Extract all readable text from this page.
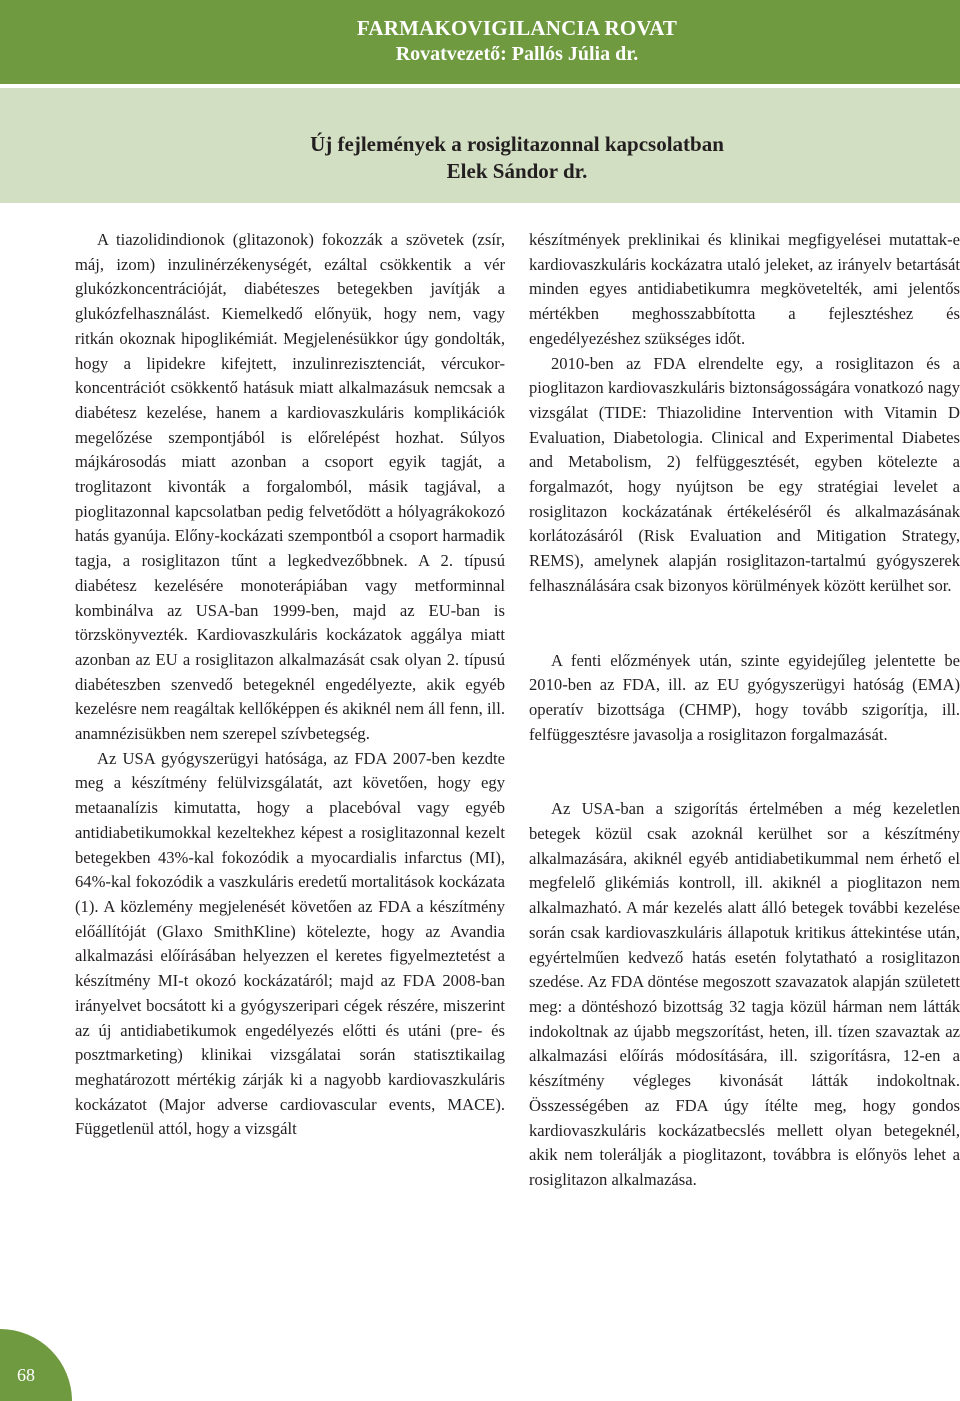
FARMAKOVIGILANCIA ROVAT
Rovatvezető: Pallós Júlia dr.
Új fejlemények a rosiglitazonnal kapcsolatban
Elek Sándor dr.

A tiazolidindionok (glitazonok) fokozzák a szövetek (zsír, máj, izom) inzulinérzékenységét, ezáltal csökkentik a vér glukózkoncentrációját, diabéteszes betegekben javítják a glukózfelhasználást. Kiemelkedő előnyük, hogy nem, vagy ritkán okoznak hipoglikémiát. Megjelenésükkor úgy gondolták, hogy a lipidekre kifejtett, inzulinrezisztenciát, vércukor-koncentrációt csökkentő hatásuk miatt alkalmazásuk nemcsak a diabétesz kezelése, hanem a kardiovaszkuláris komplikációk megelőzése szempontjából is előrelépést hozhat. Súlyos májkárosodás miatt azonban a csoport egyik tagját, a troglitazont kivonták a forgalomból, másik tagjával, a pioglitazonnal kapcsolatban pedig felvetődött a hólyagrákokozó hatás gyanúja. Előny-kockázati szempontból a csoport harmadik tagja, a rosiglitazon tűnt a legkedvezőbbnek. A 2. típusú diabétesz kezelésére monoterápiában vagy metforminnal kombinálva az USA-ban 1999-ben, majd az EU-ban is törzskönyvezték. Kardiovaszkuláris kockázatok aggálya miatt azonban az EU a rosiglitazon alkalmazását csak olyan 2. típusú diabéteszben szenvedő betegeknél engedélyezte, akik egyéb kezelésre nem reagáltak kellőképpen és akiknél nem áll fenn, ill. anamnézisükben nem szerepel szívbetegség.

Az USA gyógyszerügyi hatósága, az FDA 2007-ben kezdte meg a készítmény felülvizsgálatát, azt követően, hogy egy metaanalízis kimutatta, hogy a placebóval vagy egyéb antidiabetikumokkal kezeltekhez képest a rosiglitazonnal kezelt betegekben 43%-kal fokozódik a myocardialis infarctus (MI), 64%-kal fokozódik a vaszkuláris eredetű mortalitások kockázata (1). A közlemény megjelenését követően az FDA a készítmény előállítóját (Glaxo SmithKline) kötelezte, hogy az Avandia alkalmazási előírásában helyezzen el keretes figyelmeztetést a készítmény MI-t okozó kockázatáról; majd az FDA 2008-ban irányelvet bocsátott ki a gyógyszeripari cégek részére, miszerint az új antidiabetikumok engedélyezés előtti és utáni (pre- és posztmarketing) klinikai vizsgálatai során statisztikailag meghatározott mértékig zárják ki a nagyobb kardiovaszkuláris kockázatot (Major adverse cardiovascular events, MACE). Függetlenül attól, hogy a vizsgált

készítmények preklinikai és klinikai megfigyelései mutattak-e kardiovaszkuláris kockázatra utaló jeleket, az irányelv betartását minden egyes antidiabetikumra megkövetelték, ami jelentős mértékben meghosszabbította a fejlesztéshez és engedélyezéshez szükséges időt.

2010-ben az FDA elrendelte egy, a rosiglitazon és a pioglitazon kardiovaszkuláris biztonságosságára vonatkozó nagy vizsgálat (TIDE: Thiazolidine Intervention with Vitamin D Evaluation, Diabetologia. Clinical and Experimental Diabetes and Metabolism, 2) felfüggesztését, egyben kötelezte a forgalmazót, hogy nyújtson be egy stratégiai levelet a rosiglitazon kockázatának értékeléséről és alkalmazásának korlátozásáról (Risk Evaluation and Mitigation Strategy, REMS), amelynek alapján rosiglitazon-tartalmú gyógyszerek felhasználására csak bizonyos körülmények között kerülhet sor.

A fenti előzmények után, szinte egyidejűleg jelentette be 2010-ben az FDA, ill. az EU gyógyszerügyi hatóság (EMA) operatív bizottsága (CHMP), hogy tovább szigorítja, ill. felfüggesztésre javasolja a rosiglitazon forgalmazását.

Az USA-ban a szigorítás értelmében a még kezeletlen betegek közül csak azoknál kerülhet sor a készítmény alkalmazására, akiknél egyéb antidiabetikummal nem érhető el megfelelő glikémiás kontroll, ill. akiknél a pioglitazon nem alkalmazható. A már kezelés alatt álló betegek további kezelése során csak kardiovaszkuláris állapotuk kritikus áttekintése után, egyértelműen kedvező hatás esetén folytatható a rosiglitazon szedése. Az FDA döntése megoszott szavazatok alapján született meg: a döntéshozó bizottság 32 tagja közül hárman nem látták indokoltnak az újabb megszorítást, heten, ill. tízen szavaztak az alkalmazási előírás módosítására, ill. szigorításra, 12-en a készítmény végleges kivonását látták indokoltnak. Összességében az FDA úgy ítélte meg, hogy gondos kardiovaszkuláris kockázatbecslés mellett olyan betegeknél, akik nem tolerálják a pioglitazont, továbbra is előnyös lehet a rosiglitazon alkalmazása.

68
